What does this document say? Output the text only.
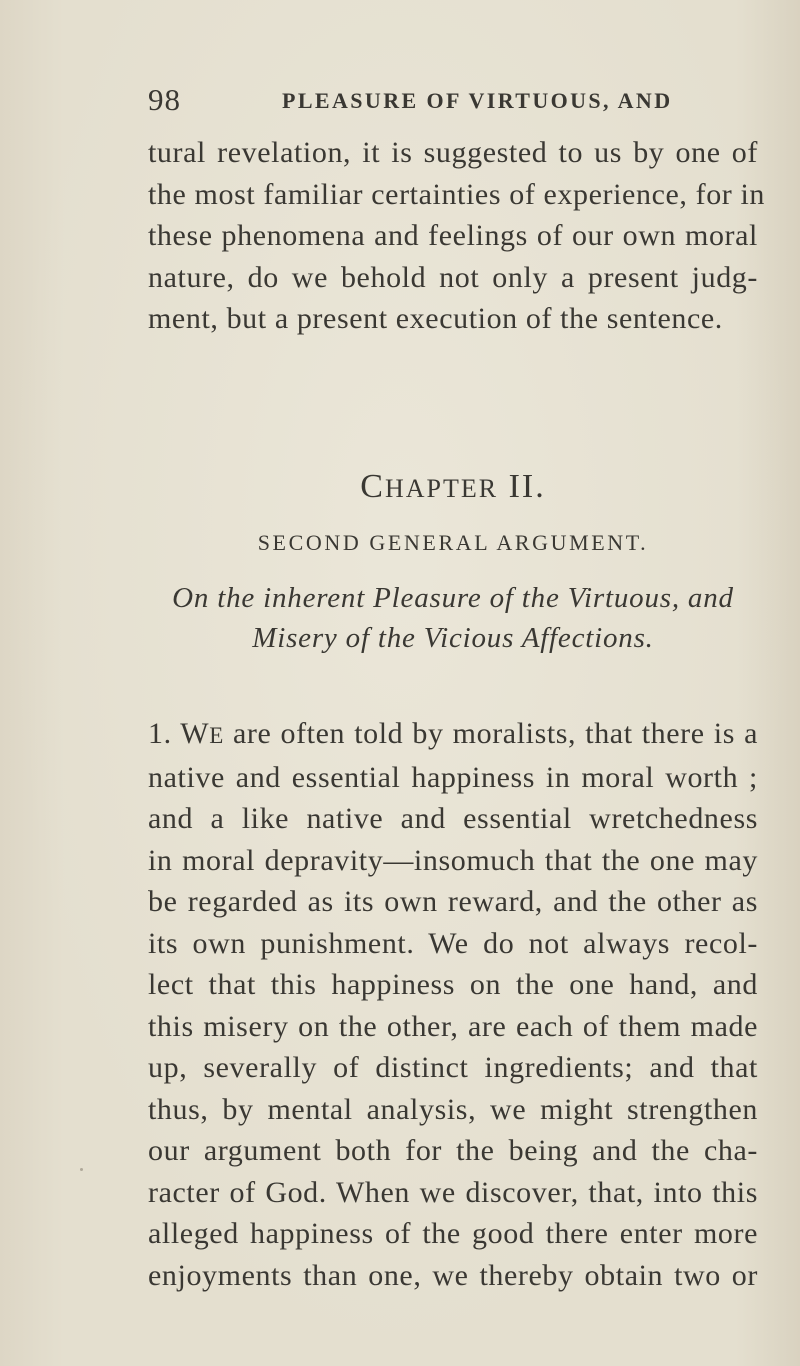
98	PLEASURE OF VIRTUOUS, AND

tural revelation, it is suggested to us by one of
the most familiar certainties of experience, for in
these phenomena and feelings of our own moral
nature, do we behold not only a present judg-
ment, but a present execution of the sentence.

CHAPTER II.
SECOND GENERAL ARGUMENT.
On the inherent Pleasure of the Virtuous, and
Misery of the Vicious Affections.

1. WE are often told by moralists, that there is a
native and essential happiness in moral worth ;
and a like native and essential wretchedness
in moral depravity—insomuch that the one may
be regarded as its own reward, and the other as
its own punishment. We do not always recol-
lect that this happiness on the one hand, and
this misery on the other, are each of them made
up, severally of distinct ingredients; and that
thus, by mental analysis, we might strengthen
our argument both for the being and the cha-
racter of God. When we discover, that, into this
alleged happiness of the good there enter more
enjoyments than one, we thereby obtain two or
